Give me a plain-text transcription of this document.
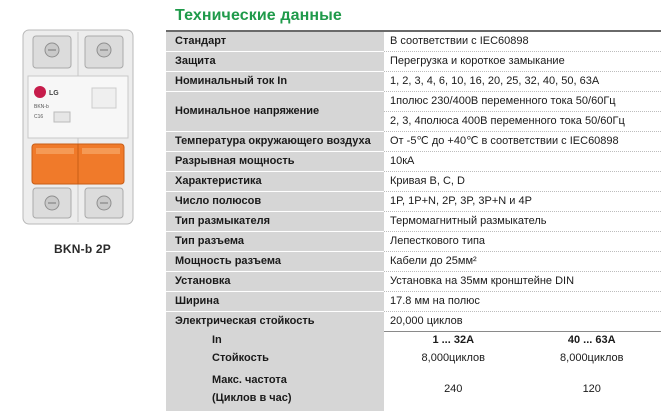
LG
BKN-b
C16
BKN-b 2P
Технические данные
Стандарт	В соответствии с IEC60898
Защита	Перегрузка и короткое замыкание
Номинальный ток In	1, 2, 3, 4, 6, 10, 16, 20, 25, 32, 40, 50, 63A
Номинальное напряжение	1полюс 230/400В переменного тока 50/60Гц
	2, 3, 4полюса 400В переменного тока 50/60Гц
Температура окружающего воздуха	От -5℃ до +40℃ в соответствии с IEC60898
Разрывная мощность	10кА
Характеристика	Кривая B, C, D
Число полюсов	1P, 1P+N, 2P, 3P, 3P+N и 4P
Тип размыкателя	Термомагнитный размыкатель
Тип разъема	Лепесткового типа
Мощность разъема	Кабели до 25мм²
Установка	Установка на 35мм кронштейне DIN
Ширина	17.8 мм на полюс
Электрическая стойкость	20,000 циклов
In	1 ... 32A 40 ... 63A
Стойкость	8,000циклов 8,000циклов
Макс. частота
(Циклов в час)	240 120
